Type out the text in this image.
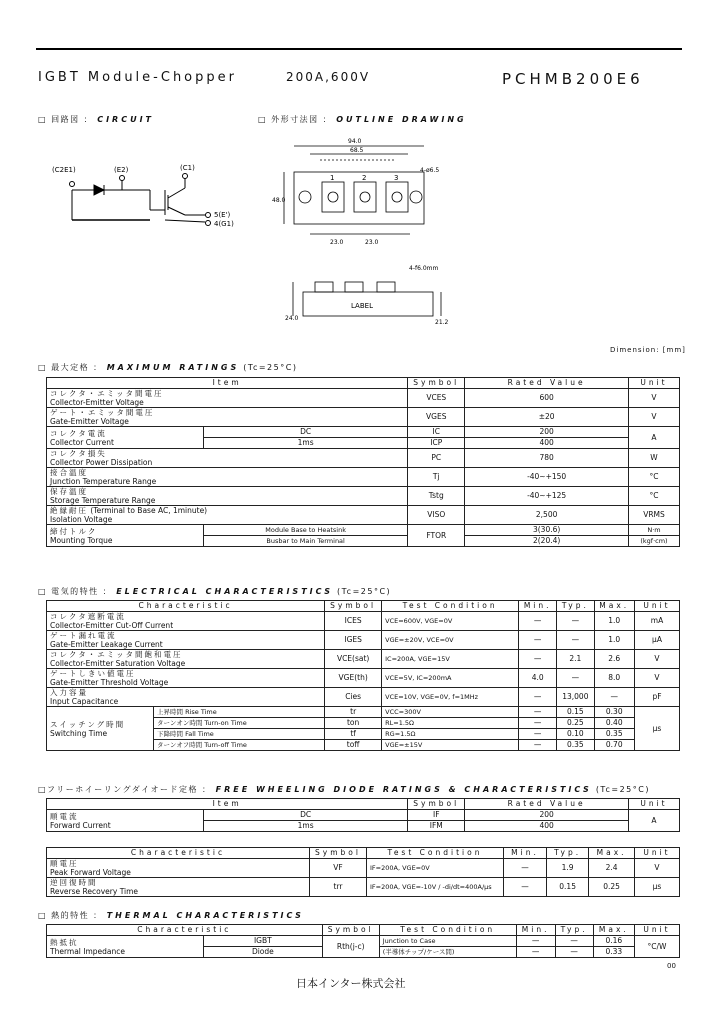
IGBT Module-Chopper	200A,600V	PCHMB200E6
□ 回路図 ： CIRCUIT	□ 外形寸法図 ： OUTLINE DRAWING
(C2E1)	(E2)	(C1)
5(E')
4(G1)
94.0
68.5
48.0
23.0	23.0
4-ø6.5
1	2	3
LABEL
4-f6.0mm
24.0
21.2
Dimension: [mm]
□ 最大定格 ： MAXIMUM RATINGS (Tc=25°C)
Item		Symbol	Rated Value	Unit

コレクタ・エミッタ間電圧
Collector-Emitter Voltage		VCES	600	V

ゲート・エミッタ間電圧
Gate-Emitter Voltage		VGES	±20	V

コレクタ電流
Collector Current	DC	IC	200	A
	1ms	ICP	400	

コレクタ損失
Collector Power Dissipation		PC	780	W

接合温度
Junction Temperature Range		Tj	-40~+150	°C

保存温度
Storage Temperature Range		Tstg	-40~+125	°C

絶縁耐圧 (Terminal to Base AC, 1minute)
Isolation Voltage		VISO	2,500	VRMS

締付トルク
Mounting Torque	Module Base to Heatsink	FTOR	3(30.6)	N·m
	Busbar to Main Terminal		2(20.4)	(kgf·cm)
□ 電気的特性 ： ELECTRICAL CHARACTERISTICS (Tc=25°C)
Characteristic		Symbol	Test Condition	Min.	Typ.	Max.	Unit

コレクタ遮断電流
Collector-Emitter Cut-Off Current		ICES	VCE=600V, VGE=0V	—	—	1.0	mA

ゲート漏れ電流
Gate-Emitter Leakage Current		IGES	VGE=±20V, VCE=0V	—	—	1.0	μA

コレクタ・エミッタ間飽和電圧
Collector-Emitter Saturation Voltage		VCE(sat)	IC=200A, VGE=15V	—	2.1	2.6	V

ゲートしきい値電圧
Gate-Emitter Threshold Voltage		VGE(th)	VCE=5V, IC=200mA	4.0	—	8.0	V

入力容量
Input Capacitance		Cies	VCE=10V, VGE=0V, f=1MHz	—	13,000	—	pF

スイッチング時間
Switching Time	上昇時間 Rise Time	tr	VCC=300V	—	0.15	0.30	μs
	ターンオン時間 Turn-on Time	ton	RL=1.5Ω	—	0.25	0.40	
	下降時間 Fall Time	tf	RG=1.5Ω	—	0.10	0.35	
	ターンオフ時間 Turn-off Time	toff	VGE=±15V	—	0.35	0.70	
□フリーホイーリングダイオード定格 ： FREE WHEELING DIODE RATINGS & CHARACTERISTICS (Tc=25°C)
Item		Symbol	Rated Value	Unit

順電流
Forward Current	DC	IF	200	A
	1ms	IFM	400	
Characteristic	Symbol	Test Condition	Min.	Typ.	Max.	Unit

順電圧
Peak Forward Voltage	VF	IF=200A, VGE=0V	—	1.9	2.4	V

逆回復時間
Reverse Recovery Time	trr	IF=200A, VGE=-10V / -di/dt=400A/μs	—	0.15	0.25	μs
□ 熱的特性 ： THERMAL CHARACTERISTICS
Characteristic		Symbol	Test Condition	Min.	Typ.	Max.	Unit

熱抵抗
Thermal Impedance	IGBT	Rth(j-c)	Junction to Case	—	—	0.16	°C/W
	Diode		(半導体チップ/ケース間)	—	—	0.33	
00
日本インター株式会社
